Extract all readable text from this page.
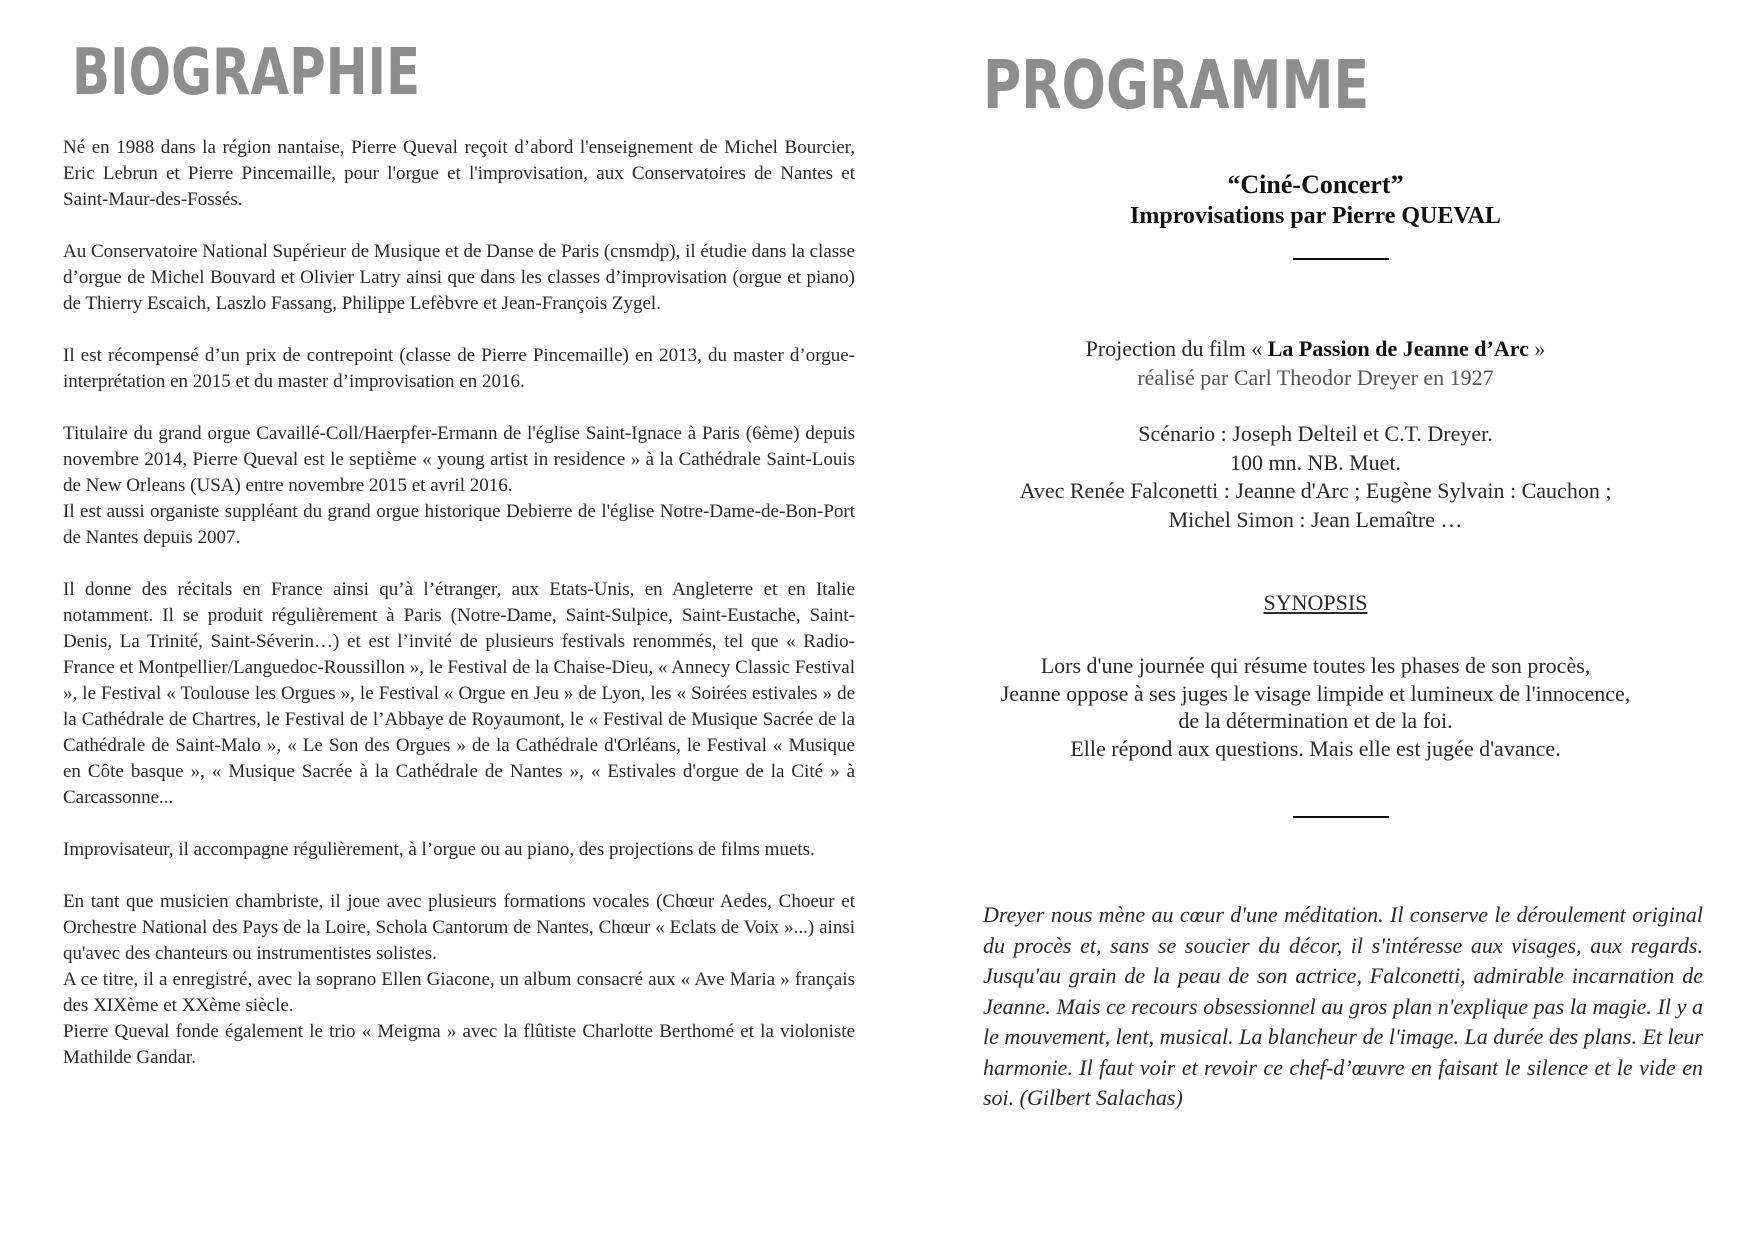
BIOGRAPHIE

Né en 1988 dans la région nantaise, Pierre Queval reçoit d’abord l'enseignement de Michel Bourcier, Eric Lebrun et Pierre Pincemaille, pour l'orgue et l'improvisation, aux Conservatoires de Nantes et Saint-Maur-des-Fossés.

Au Conservatoire National Supérieur de Musique et de Danse de Paris (cnsmdp), il étudie dans la classe d’orgue de Michel Bouvard et Olivier Latry ainsi que dans les classes d’improvisation (orgue et piano) de Thierry Escaich, Laszlo Fassang, Philippe Lefèbvre et Jean-François Zygel.

Il est récompensé d’un prix de contrepoint (classe de Pierre Pincemaille) en 2013, du master d’orgue-interprétation en 2015 et du master d’improvisation en 2016.

Titulaire du grand orgue Cavaillé-Coll/Haerpfer-Ermann de l'église Saint-Ignace à Paris (6ème) depuis novembre 2014, Pierre Queval est le septième « young artist in residence » à la Cathédrale Saint-Louis de New Orleans (USA) entre novembre 2015 et avril 2016.

Il est aussi organiste suppléant du grand orgue historique Debierre de l'église Notre-Dame-de-Bon-Port de Nantes depuis 2007.

Il donne des récitals en France ainsi qu’à l’étranger, aux Etats-Unis, en Angleterre et en Italie notamment. Il se produit régulièrement à Paris (Notre-Dame, Saint-Sulpice, Saint-Eustache, Saint-Denis, La Trinité, Saint-Séverin…) et est l’invité de plusieurs festivals renommés, tel que « Radio-France et Montpellier/Languedoc-Roussillon », le Festival de la Chaise-Dieu, « Annecy Classic Festival », le Festival « Toulouse les Orgues », le Festival « Orgue en Jeu » de Lyon, les « Soirées estivales » de la Cathédrale de Chartres, le Festival de l’Abbaye de Royaumont, le « Festival de Musique Sacrée de la Cathédrale de Saint-Malo », « Le Son des Orgues » de la Cathédrale d'Orléans, le Festival « Musique en Côte basque », « Musique Sacrée à la Cathédrale de Nantes », « Estivales d'orgue de la Cité » à Carcassonne...

Improvisateur, il accompagne régulièrement, à l’orgue ou au piano, des projections de films muets.

En tant que musicien chambriste, il joue avec plusieurs formations vocales (Chœur Aedes, Choeur et Orchestre National des Pays de la Loire, Schola Cantorum de Nantes, Chœur « Eclats de Voix »...) ainsi qu'avec des chanteurs ou instrumentistes solistes.

A ce titre, il a enregistré, avec la soprano Ellen Giacone, un album consacré aux « Ave Maria » français des XIXème et XXème siècle.

Pierre Queval fonde également le trio « Meigma » avec la flûtiste Charlotte Berthomé et la violoniste Mathilde Gandar.

PROGRAMME
“Ciné-Concert”
Improvisations par Pierre QUEVAL
Projection du film « La Passion de Jeanne d’Arc »
réalisé par Carl Theodor Dreyer en 1927
Scénario : Joseph Delteil et C.T. Dreyer.
100 mn. NB. Muet.
Avec Renée Falconetti : Jeanne d'Arc ; Eugène Sylvain : Cauchon ;
Michel Simon : Jean Lemaître …
SYNOPSIS
Lors d'une journée qui résume toutes les phases de son procès,
Jeanne oppose à ses juges le visage limpide et lumineux de l'innocence,
de la détermination et de la foi.
Elle répond aux questions. Mais elle est jugée d'avance.

Dreyer nous mène au cœur d'une méditation. Il conserve le déroulement original du procès et, sans se soucier du décor, il s'intéresse aux visages, aux regards. Jusqu'au grain de la peau de son actrice, Falconetti, admirable incarnation de Jeanne. Mais ce recours obsessionnel au gros plan n'explique pas la magie. Il y a le mouvement, lent, musical. La blancheur de l'image. La durée des plans. Et leur harmonie. Il faut voir et revoir ce chef-d’œuvre en faisant le silence et le vide en soi. (Gilbert Salachas)
